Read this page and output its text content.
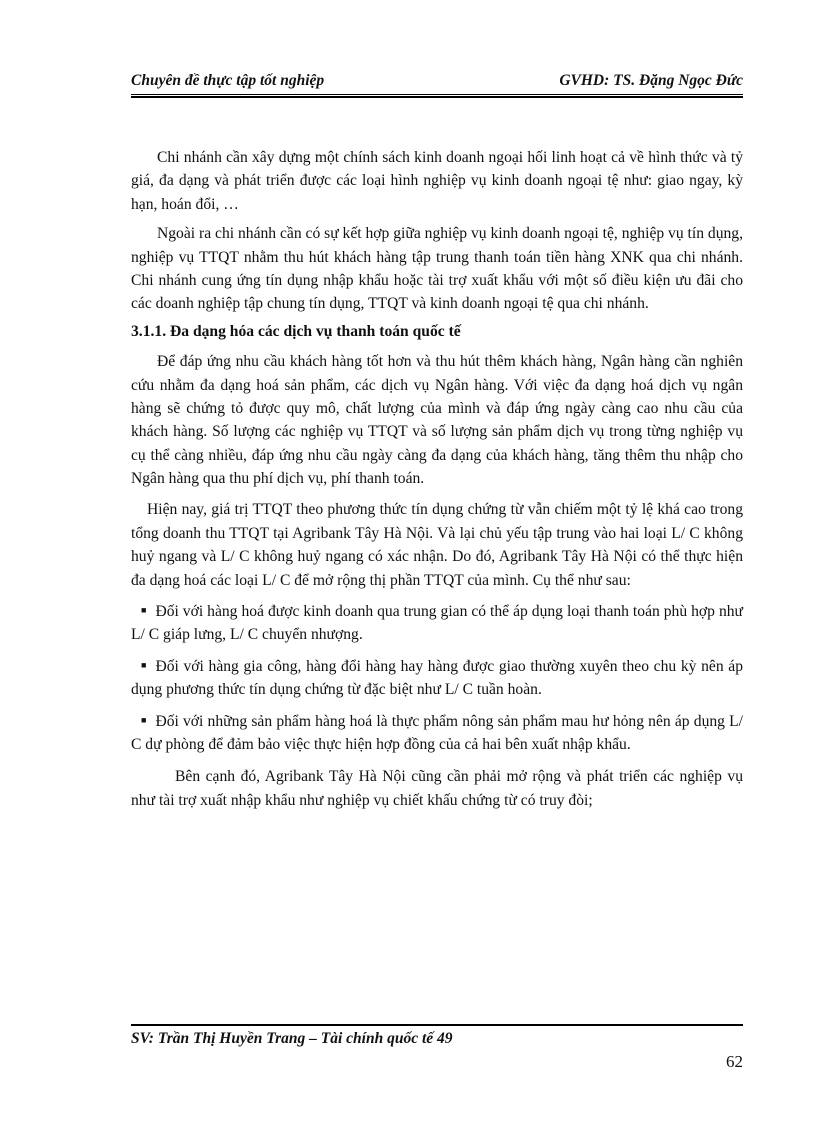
Chuyên đề thực tập tốt nghiệp	GVHD: TS. Đặng Ngọc Đức

Chi nhánh cần xây dựng một chính sách kinh doanh ngoại hối linh hoạt cả về hình thức và tỷ giá, đa dạng và phát triển được các loại hình nghiệp vụ kinh doanh ngoại tệ như: giao ngay, kỳ hạn, hoán đổi, …

Ngoài ra chi nhánh cần có sự kết hợp giữa nghiệp vụ kinh doanh ngoại tệ, nghiệp vụ tín dụng, nghiệp vụ TTQT nhằm thu hút khách hàng tập trung thanh toán tiền hàng XNK qua chi nhánh. Chi nhánh cung ứng tín dụng nhập khẩu hoặc tài trợ xuất khẩu với một số điều kiện ưu đãi cho các doanh nghiệp tập chung tín dụng, TTQT và kinh doanh ngoại tệ qua chi nhánh.

3.1.1. Đa dạng hóa các dịch vụ thanh toán quốc tế

Để đáp ứng nhu cầu khách hàng tốt hơn và thu hút thêm khách hàng, Ngân hàng cần nghiên cứu nhằm đa dạng hoá sản phẩm, các dịch vụ Ngân hàng. Với việc đa dạng hoá dịch vụ ngân hàng sẽ chứng tỏ được quy mô, chất lượng của mình và đáp ứng ngày càng cao nhu cầu của khách hàng. Số lượng các nghiệp vụ TTQT và số lượng sản phẩm dịch vụ trong từng nghiệp vụ cụ thể càng nhiều, đáp ứng nhu cầu ngày càng đa dạng của khách hàng, tăng thêm thu nhập cho Ngân hàng qua thu phí dịch vụ, phí thanh toán.

Hiện nay, giá trị TTQT theo phương thức tín dụng chứng từ vẫn chiếm một tỷ lệ khá cao trong tổng doanh thu TTQT tại Agribank Tây Hà Nội. Và lại chủ yếu tập trung vào hai loại L/ C không huỷ ngang và L/ C không huỷ ngang có xác nhận. Do đó, Agribank Tây Hà Nội có thể thực hiện đa dạng hoá các loại L/ C để mở rộng thị phần TTQT của mình. Cụ thể như sau:

■ Đối với hàng hoá được kinh doanh qua trung gian có thể áp dụng loại thanh toán phù hợp như L/ C giáp lưng, L/ C chuyển nhượng.

■ Đối với hàng gia công, hàng đổi hàng hay hàng được giao thường xuyên theo chu kỳ nên áp dụng phương thức tín dụng chứng từ đặc biệt như L/ C tuần hoàn.

■ Đối với những sản phẩm hàng hoá là thực phẩm nông sản phẩm mau hư hỏng nên áp dụng L/ C dự phòng để đảm bảo việc thực hiện hợp đồng của cả hai bên xuất nhập khẩu.

Bên cạnh đó, Agribank Tây Hà Nội cũng cần phải mở rộng và phát triển các nghiệp vụ như tài trợ xuất nhập khẩu như nghiệp vụ chiết khấu chứng từ có truy đòi;

SV: Trần Thị Huyền Trang – Tài chính quốc tế 49
62
